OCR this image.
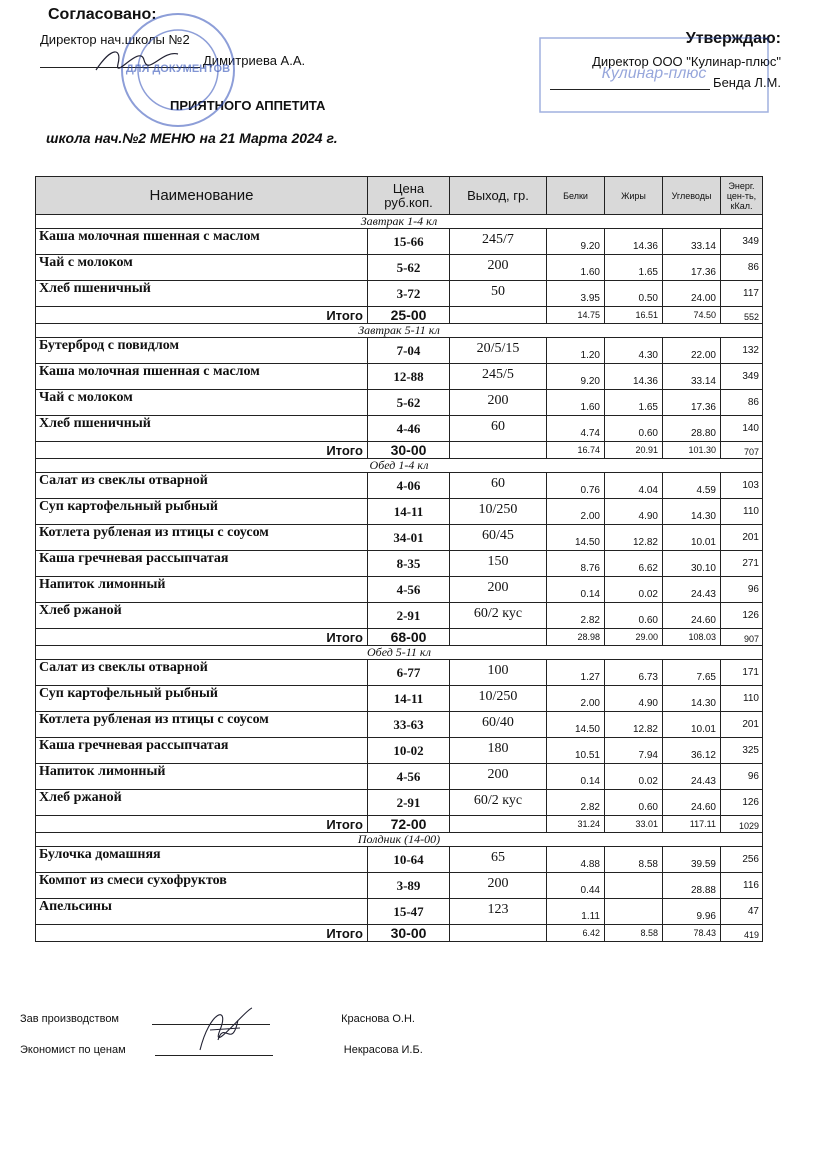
Согласовано:
Директор нач.школы №2
Димитриева А.А.
Утверждаю:
Директор ООО "Кулинар-плюс"
Бенда Л.М.
ПРИЯТНОГО АППЕТИТА
школа нач.№2 МЕНЮ на 21 Марта 2024 г.
ДЛЯ ДОКУМЕНТОВ	Кулинар-плюс
Наименование	Цена руб.коп.	Выход, гр.	Белки	Жиры	Углеводы	Энерг. цен-ть, кКал.
Завтрак 1-4 кл						
Каша молочная пшенная с маслом	15-66	245/7	9.20	14.36	33.14	349
Чай с молоком	5-62	200	1.60	1.65	17.36	86
Хлеб пшеничный	3-72	50	3.95	0.50	24.00	117
Итого	25-00		14.75	16.51	74.50	552
Завтрак 5-11 кл						
Бутерброд с повидлом	7-04	20/5/15	1.20	4.30	22.00	132
Каша молочная пшенная с маслом	12-88	245/5	9.20	14.36	33.14	349
Чай с молоком	5-62	200	1.60	1.65	17.36	86
Хлеб пшеничный	4-46	60	4.74	0.60	28.80	140
Итого	30-00		16.74	20.91	101.30	707
Обед 1-4 кл						
Салат из свеклы отварной	4-06	60	0.76	4.04	4.59	103
Суп картофельный рыбный	14-11	10/250	2.00	4.90	14.30	110
Котлета рубленая из птицы с соусом	34-01	60/45	14.50	12.82	10.01	201
Каша гречневая рассыпчатая	8-35	150	8.76	6.62	30.10	271
Напиток лимонный	4-56	200	0.14	0.02	24.43	96
Хлеб ржаной	2-91	60/2 кус	2.82	0.60	24.60	126
Итого	68-00		28.98	29.00	108.03	907
Обед 5-11 кл						
Салат из свеклы отварной	6-77	100	1.27	6.73	7.65	171
Суп картофельный рыбный	14-11	10/250	2.00	4.90	14.30	110
Котлета рубленая из птицы с соусом	33-63	60/40	14.50	12.82	10.01	201
Каша гречневая рассыпчатая	10-02	180	10.51	7.94	36.12	325
Напиток лимонный	4-56	200	0.14	0.02	24.43	96
Хлеб ржаной	2-91	60/2 кус	2.82	0.60	24.60	126
Итого	72-00		31.24	33.01	117.11	1029
Полдник (14-00)						
Булочка домашняя	10-64	65	4.88	8.58	39.59	256
Компот из смеси сухофруктов	3-89	200	0.44		28.88	116
Апельсины	15-47	123	1.11		9.96	47
Итого	30-00		6.42	8.58	78.43	419
Зав производством	Краснова О.Н.
Экономист по ценам	Некрасова И.Б.
